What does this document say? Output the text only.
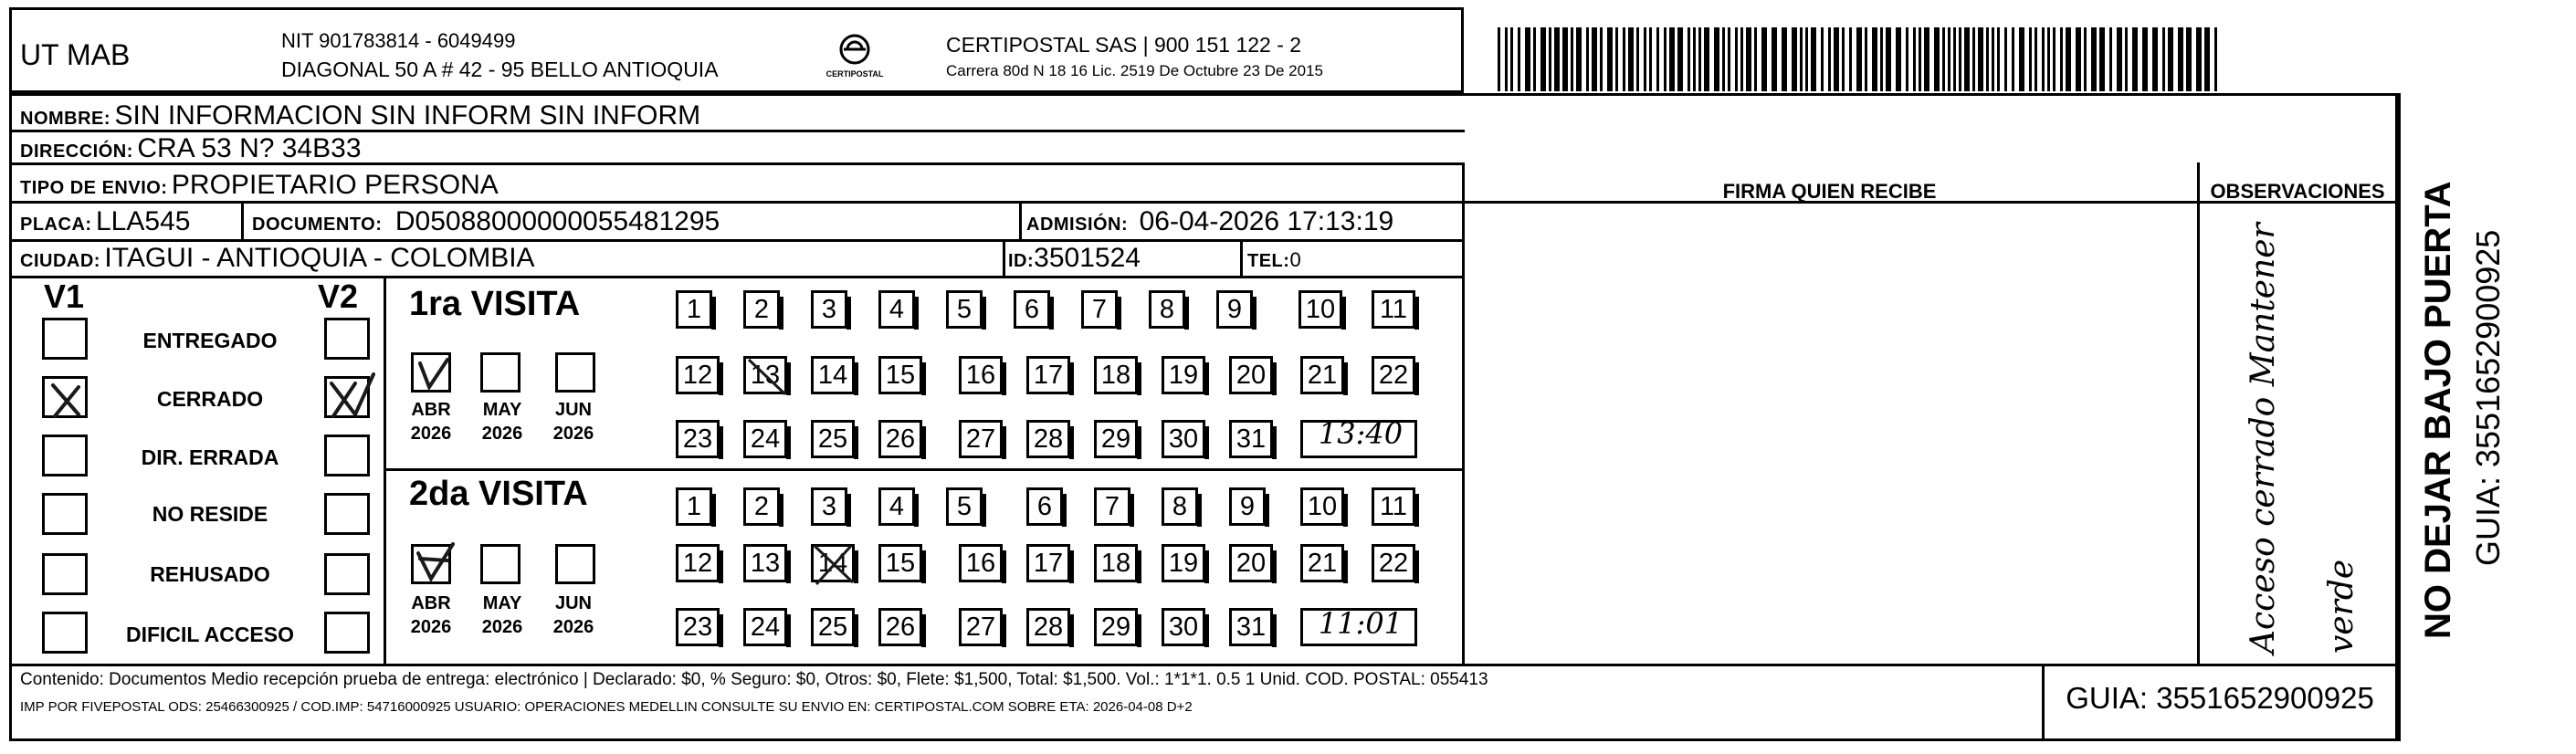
UT MAB	NIT 901783814 - 6049499
DIAGONAL 50 A # 42 - 95 BELLO ANTIOQUIA	CERTIPOSTAL
CERTIPOSTAL SAS | 900 151 122 - 2
Carrera 80d N 18 16 Lic. 2519 De Octubre 23 De 2015
NOMBRE: SIN INFORMACION SIN INFORM SIN INFORM
DIRECCIÓN: CRA 53 N? 34B33
TIPO DE ENVIO: PROPIETARIO PERSONA	FIRMA QUIEN RECIBE	OBSERVACIONES
PLACA: LLA545	DOCUMENTO: D05088000000055481295	ADMISIÓN: 06-04-2026 17:13:19
CIUDAD: ITAGUI - ANTIOQUIA - COLOMBIA	ID:3501524	TEL:0
V1	V2
ENTREGADO
CERRADO
DIR. ERRADA
NO RESIDE
REHUSADO
DIFICIL ACCESO
1ra VISITA
ABR	MAY	JUN
2026	2026	2026
1	2	3	4	5	6	7	8	9	10	11
12 13 14 15 16 17 18 19 20 21 22
23 24 25 26 27 28 29 30 31	13:40
2da VISITA
ABR	MAY	JUN
2026	2026	2026
1	2	3	4	5	6	7	8	9	10	11
12 13 14 15 16 17 18 19 20 21 22
23 24 25 26 27 28 29 30 31	11:01	Acceso cerrado Mantener verde
Contenido: Documentos Medio recepción prueba de entrega: electrónico | Declarado: $0, % Seguro: $0, Otros: $0, Flete: $1,500, Total: $1,500. Vol.: 1*1*1. 0.5 1 Unid. COD. POSTAL: 055413
IMP POR FIVEPOSTAL ODS: 25466300925 / COD.IMP: 54716000925 USUARIO: OPERACIONES MEDELLIN CONSULTE SU ENVIO EN: CERTIPOSTAL.COM SOBRE ETA: 2026-04-08 D+2	GUIA: 3551652900925
NO DEJAR BAJO PUERTA GUIA: 3551652900925
